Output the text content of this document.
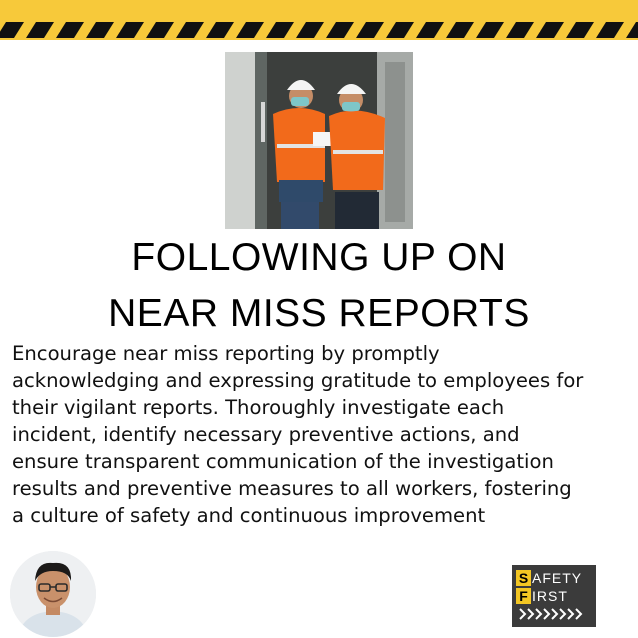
FOLLOWING UP ON
NEAR MISS REPORTS
Encourage near miss reporting by promptly
acknowledging and expressing gratitude to employees for
their vigilant reports. Thoroughly investigate each
incident, identify necessary preventive actions, and
ensure transparent communication of the investigation
results and preventive measures to all workers, fostering
a culture of safety and continuous improvement
S AFETY
F IRST
